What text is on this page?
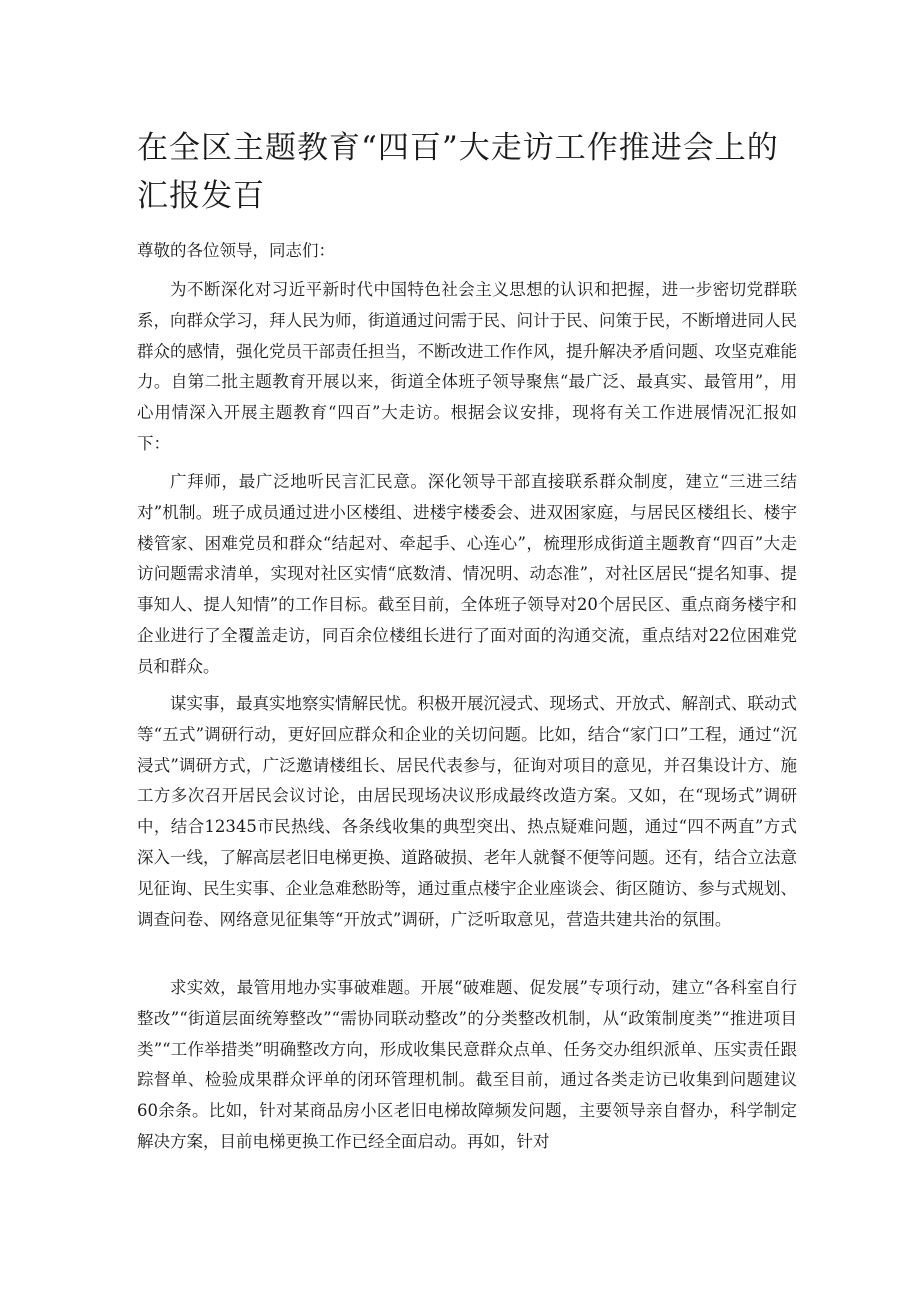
在全区主题教育“四百”大走访工作推进会上的汇报发百

尊敬的各位领导，同志们：

为不断深化对习近平新时代中国特色社会主义思想的认识和把握，进一步密切党群联系，向群众学习，拜人民为师，街道通过问需于民、问计于民、问策于民，不断增进同人民群众的感情，强化党员干部责任担当，不断改进工作作风，提升解决矛盾问题、攻坚克难能力。自第二批主题教育开展以来，街道全体班子领导聚焦“最广泛、最真实、最管用”，用心用情深入开展主题教育“四百”大走访。根据会议安排，现将有关工作进展情况汇报如下：

广拜师，最广泛地听民言汇民意。深化领导干部直接联系群众制度，建立“三进三结对”机制。班子成员通过进小区楼组、进楼宇楼委会、进双困家庭，与居民区楼组长、楼宇楼管家、困难党员和群众“结起对、牵起手、心连心”，梳理形成街道主题教育“四百”大走访问题需求清单，实现对社区实情“底数清、情况明、动态准”，对社区居民“提名知事、提事知人、提人知情”的工作目标。截至目前，全体班子领导对20个居民区、重点商务楼宇和企业进行了全覆盖走访，同百余位楼组长进行了面对面的沟通交流，重点结对22位困难党员和群众。

谋实事，最真实地察实情解民忧。积极开展沉浸式、现场式、开放式、解剖式、联动式等“五式”调研行动，更好回应群众和企业的关切问题。比如，结合“家门口”工程，通过“沉浸式”调研方式，广泛邀请楼组长、居民代表参与，征询对项目的意见，并召集设计方、施工方多次召开居民会议讨论，由居民现场决议形成最终改造方案。又如，在“现场式”调研中，结合12345市民热线、各条线收集的典型突出、热点疑难问题，通过“四不两直”方式深入一线，了解高层老旧电梯更换、道路破损、老年人就餐不便等问题。还有，结合立法意见征询、民生实事、企业急难愁盼等，通过重点楼宇企业座谈会、街区随访、参与式规划、调查问卷、网络意见征集等“开放式”调研，广泛听取意见，营造共建共治的氛围。

求实效，最管用地办实事破难题。开展“破难题、促发展”专项行动，建立“各科室自行整改”“街道层面统筹整改”“需协同联动整改”的分类整改机制，从“政策制度类”“推进项目类”“工作举措类”明确整改方向，形成收集民意群众点单、任务交办组织派单、压实责任跟踪督单、检验成果群众评单的闭环管理机制。截至目前，通过各类走访已收集到问题建议60余条。比如，针对某商品房小区老旧电梯故障频发问题，主要领导亲自督办，科学制定解决方案，目前电梯更换工作已经全面启动。再如，针对
